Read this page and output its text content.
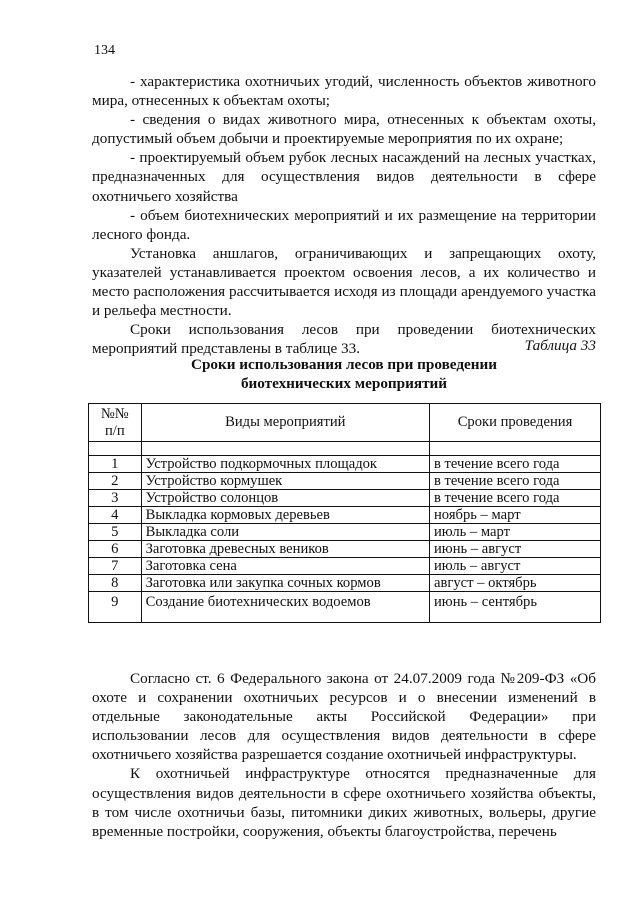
134

- характеристика охотничьих угодий, численность объектов животного мира, отнесенных к объектам охоты;

- сведения о видах животного мира, отнесенных к объектам охоты, допустимый объем добычи и проектируемые мероприятия по их охране;

- проектируемый объем рубок лесных насаждений на лесных участках, предназначенных для осуществления видов деятельности в сфере охотничьего хозяйства

- объем биотехнических мероприятий и их размещение на территории лесного фонда.

Установка аншлагов, ограничивающих и запрещающих охоту, указателей устанавливается проектом освоения лесов, а их количество и место расположения рассчитывается исходя из площади арендуемого участка и рельефа местности.

Сроки использования лесов при проведении биотехнических мероприятий представлены в таблице 33.	Таблица 33
Сроки использования лесов при проведении
биотехнических мероприятий
№№
п/п	Виды мероприятий	Сроки проведения

1	Устройство подкормочных площадок	в течение всего года
2	Устройство кормушек	в течение всего года
3	Устройство солонцов	в течение всего года
4	Выкладка кормовых деревьев	ноябрь – март
5	Выкладка соли	июль – март
6	Заготовка древесных веников	июнь – август
7	Заготовка сена	июль – август
8	Заготовка или закупка сочных кормов	август – октябрь
9	Создание биотехнических водоемов	июнь – сентябрь

Согласно ст. 6 Федерального закона от 24.07.2009 года №209-ФЗ «Об охоте и сохранении охотничьих ресурсов и о внесении изменений в отдельные законодательные акты Российской Федерации» при использовании лесов для осуществления видов деятельности в сфере охотничьего хозяйства разрешается создание охотничьей инфраструктуры.

К охотничьей инфраструктуре относятся предназначенные для осуществления видов деятельности в сфере охотничьего хозяйства объекты, в том числе охотничьи базы, питомники диких животных, вольеры, другие временные постройки, сооружения, объекты благоустройства, перечень
